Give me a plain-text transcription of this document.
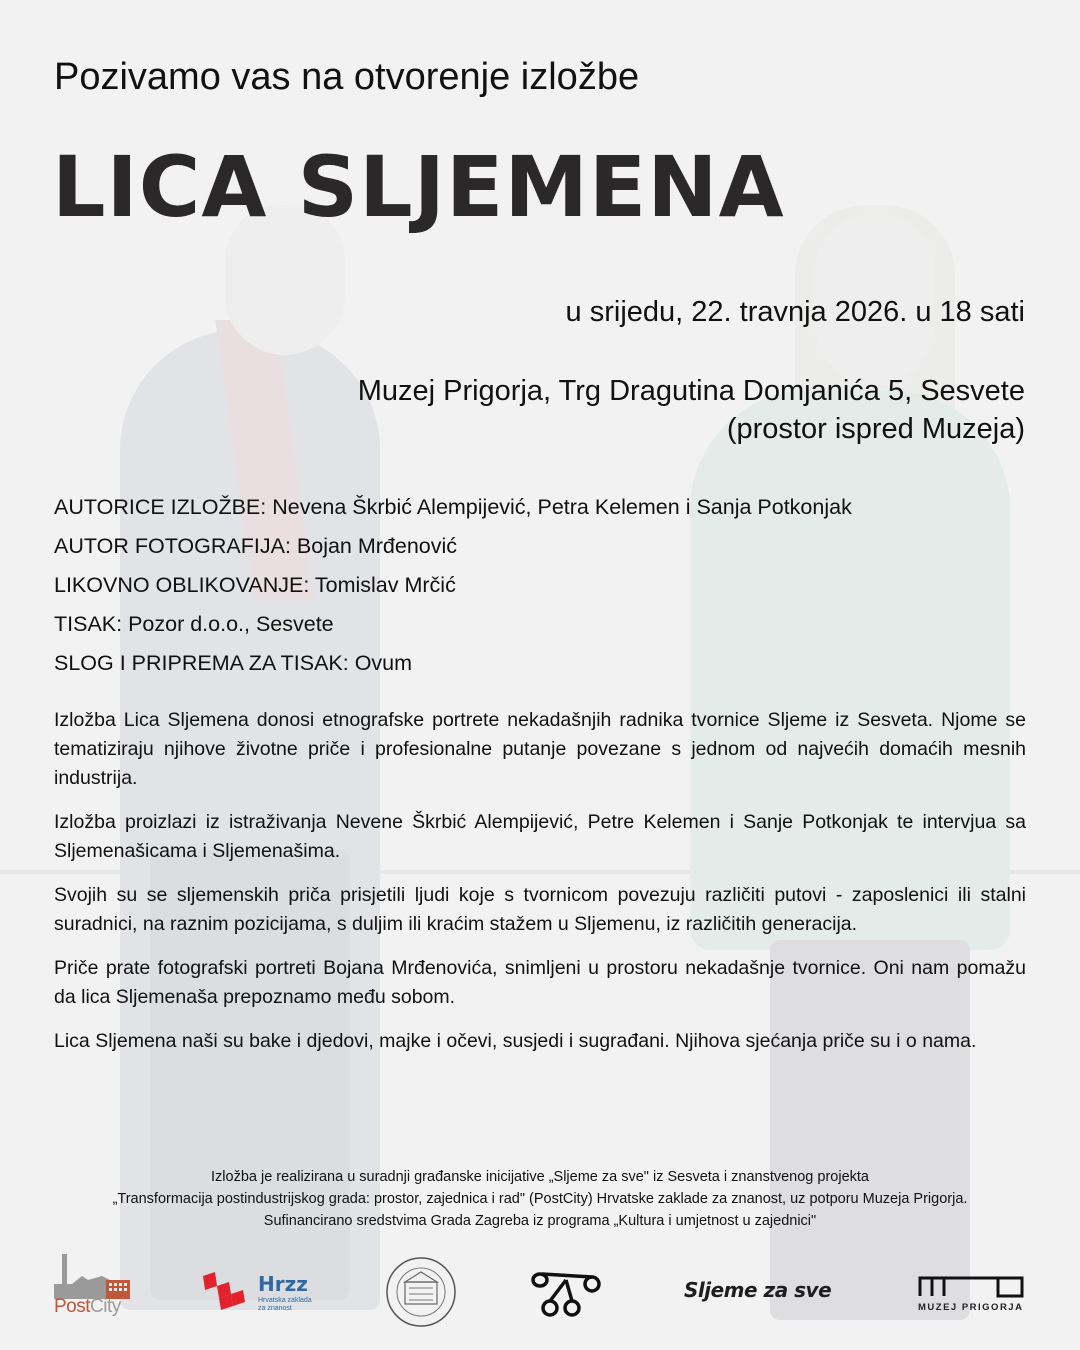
Pozivamo vas na otvorenje izložbe
LICA SLJEMENA
u srijedu, 22. travnja 2026. u 18 sati
Muzej Prigorja, Trg Dragutina Domjanića 5, Sesvete
(prostor ispred Muzeja)
AUTORICE IZLOŽBE: Nevena Škrbić Alempijević, Petra Kelemen i Sanja Potkonjak
AUTOR FOTOGRAFIJA: Bojan Mrđenović
LIKOVNO OBLIKOVANJE: Tomislav Mrčić
TISAK: Pozor d.o.o., Sesvete
SLOG I PRIPREMA ZA TISAK: Ovum

Izložba Lica Sljemena donosi etnografske portrete nekadašnjih radnika tvornice Sljeme iz Sesveta. Njome se tematiziraju njihove životne priče i profesionalne putanje povezane s jednom od najvećih domaćih mesnih industrija.

Izložba proizlazi iz istraživanja Nevene Škrbić Alempijević, Petre Kelemen i Sanje Potkonjak te intervjua sa Sljemenašicama i Sljemenašima.

Svojih su se sljemenskih priča prisjetili ljudi koje s tvornicom povezuju različiti putovi - zaposlenici ili stalni suradnici, na raznim pozicijama, s duljim ili kraćim stažem u Sljemenu, iz različitih generacija.

Priče prate fotografski portreti Bojana Mrđenovića, snimljeni u prostoru nekadašnje tvornice. Oni nam pomažu da lica Sljemenaša prepoznamo među sobom.

Lica Sljemena naši su bake i djedovi, majke i očevi, susjedi i sugrađani. Njihova sjećanja priče su i o nama.

Izložba je realizirana u suradnji građanske inicijative „Sljeme za sve" iz Sesveta i znanstvenog projekta
„Transformacija postindustrijskog grada: prostor, zajednica i rad" (PostCity) Hrvatske zaklade za znanost, uz potporu Muzeja Prigorja.
Sufinancirano sredstvima Grada Zagreba iz programa „Kultura i umjetnost u zajednici"
PostCity
Hrzz
Hrvatska zaklada za znanost
Sljeme za sve
MUZEJ PRIGORJA
